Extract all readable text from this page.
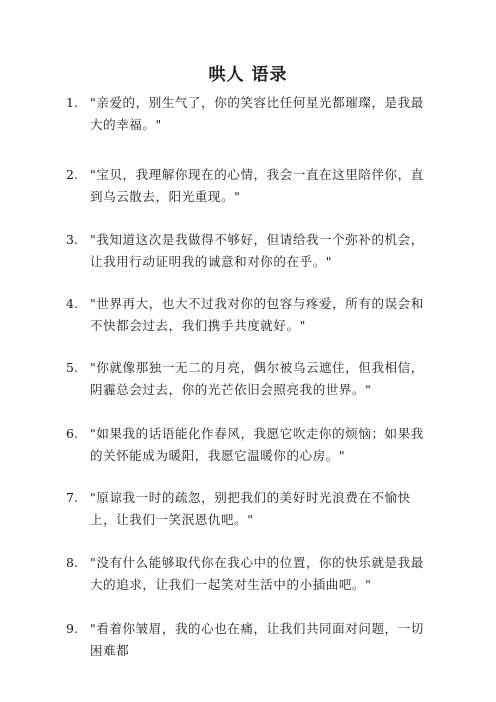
哄人 语录
1. "亲爱的，别生气了，你的笑容比任何星光都璀璨，是我最大的幸福。"
2. "宝贝，我理解你现在的心情，我会一直在这里陪伴你，直到乌云散去，阳光重现。"
3. "我知道这次是我做得不够好，但请给我一个弥补的机会，让我用行动证明我的诚意和对你的在乎。"
4. "世界再大，也大不过我对你的包容与疼爱，所有的误会和不快都会过去，我们携手共度就好。"
5. "你就像那独一无二的月亮，偶尔被乌云遮住，但我相信，阴霾总会过去，你的光芒依旧会照亮我的世界。"
6. "如果我的话语能化作春风，我愿它吹走你的烦恼；如果我的关怀能成为暖阳，我愿它温暖你的心房。"
7. "原谅我一时的疏忽，别把我们的美好时光浪费在不愉快上，让我们一笑泯恩仇吧。"
8. "没有什么能够取代你在我心中的位置，你的快乐就是我最大的追求，让我们一起笑对生活中的小插曲吧。"
9. "看着你皱眉，我的心也在痛，让我们共同面对问题，一切困难都
